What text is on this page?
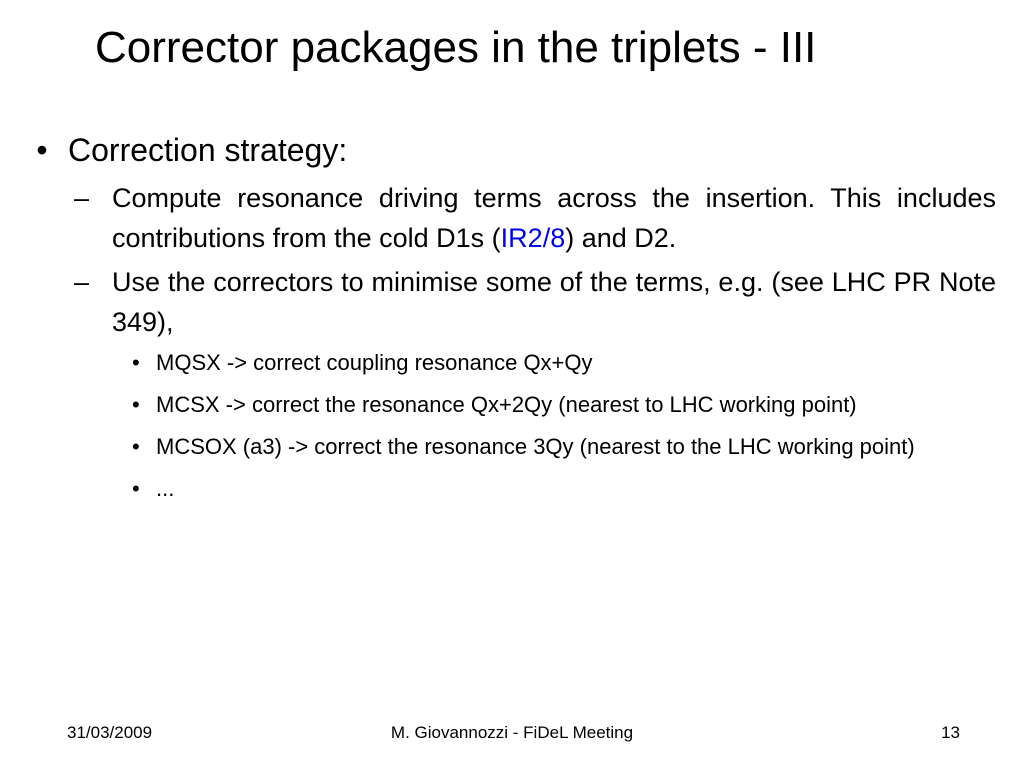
Corrector packages in the triplets - III
• Correction strategy:
– Compute resonance driving terms across the insertion. This includes contributions from the cold D1s (IR2/8) and D2.
– Use the correctors to minimise some of the terms, e.g. (see LHC PR Note 349),
• MQSX -> correct coupling resonance Qx+Qy
• MCSX -> correct the resonance Qx+2Qy (nearest to LHC working point)
• MCSOX (a3) -> correct the resonance 3Qy (nearest to the LHC working point)
• ...
31/03/2009	M. Giovannozzi - FiDeL Meeting	13
